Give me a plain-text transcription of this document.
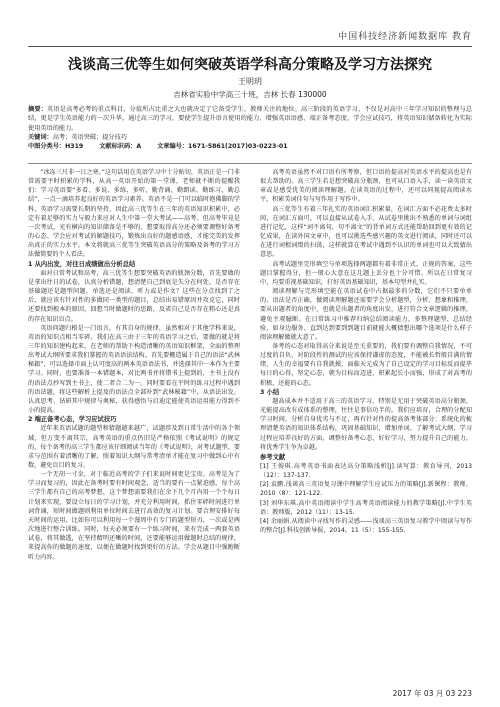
中国科技经济新闻数据库 教育
浅谈高三优等生如何突破英语学科高分策略及学习方法探究
王明玥
吉林省实验中学高三十班，吉林 长春 130000
摘要：英语是高考必考的重点科目，分值所占比重之大也就决定了它备受学生、教师关注的地位。高三阶段的英语学习，不仅是对高中三年学习知识的整理与总结，更是学生英语能力的一次升华。通过高三的学习，要使学生提升语言使用的能力、增强英语语感、端正备考态度、学会应试技巧，将英语知识储备转化为实际使用英语的能力。
关键词：高考；英语突破；提分技巧
中图分类号：H319	文献标识码：A	文章编号：1671-5861(2017)03-0223-01

“冰冻三尺非一日之寒。”这句话用在英语学习中十分贴切，英语正是一门非常需要平时积累的学科，从高一英语开始的第一堂课，老师就不断的提醒我们：学习英语要“多看、多说、多练、多听，勤背诵、勤朗读、勤练习、勤总结”，一点一滴培养起良好的英语学习素养。英语不是一门可以临时抱佛脚的学科，英语学习需要长期的坚持，因此高三优等生在三年的英语知识积累中，必定有着足够的实力与毅力来应对人生中第一堂大考试——高考。但高考毕竟是一次考试，光有横向的知识储备是不够的，想要取得高分还必须要调整好备考的心态、学会应对考试的解题技巧，锻炼出良好的题感语感，才能完美的发挥出真正的实力水平。本文将就高三优等生突破英语高分的策略及备考的学习方法做简要的个人看法。

1 从内出发，对往日成绩做出分析总结

面对日常考试和高考，高三优等生想要突破英语的瓶颈分数，首先要做的是拿出往日的试卷，认真分析错题，想清楚自己到底是失分在何处，是否存在基础题还是题型问题，单选还是阅读、听力或是作文？这些在分点找到了之后，就应该有针对性的多做同一类型的题目，总结出易错原因并攻克它，同时还要找到根本的原因，回想当时做题时的思路，反省自己是否存在粗心还是真的存在知识盲点。

英语问题归根是一门语言，有其自身的规律，虽然相对于其他学科来说，英语的知识点相当零碎，我们在高三由于三年的英语学习之后，要做的就是将三年的知识建构起来，在老师的帮助下构造清晰的英语知识框架，全面的整理出考试大纲所要求我们掌握的英语语法结构。首先要概造属于自己的语法“武林秘籍”，可以选择市面上认可度高的两本英语语法书，并选择其中一本作为主要学习。同时，也要准备一本错题本，对比两书并将错书上提到的，主书上没有的语法点抄写到主书上，使二者合二为一。同时要看在平时的练习过程中遇到的语法题，将这些解析上提及的语法点全部补到“武林秘籍”中，从语法出发，认真思考、钻研其中规律与奥秘，获得感悟与启迪定能使英语运用能力得到不小的提高。

2 端正备考心态，学习应试技巧

近年来英语试题的题型和猜题越来越广，试题涉及到日常生活中的各个领域，但万变不离其宗，高考英语的重点仍旧是严格依照《考试说明》的规定的，每个备考的高三学生都应该仔细阅读当年的《考试说明》，对考试题型、要求与范围有着清晰的了解，照着知识大纲与常考清单才能在复习中做到心中有数，避免盲目的复习。

一个无胡一寸金，对于临近高考的学子们来说时间更是宝贵。高考是为了学习而复习的，因此在备考时要有时间观念，适当的要有一点紧迫感，每个高三学生都有自己的高考梦想，这个梦想需要我们在余下几个月内用一个个每日计划来实现，要设立每日的学习计划，并充分利用时间，抓住零碎时间进行单词背诵，短时间做题则利用单位时间去进行高效的复习计划。要合理安排好每天时间的运用，比如你可以利用每一个漫周中有专门的题型短刃，一次或是两次地进行整合训练。同时，每天必须要有一个练习时间，来有完成一两套英语试卷，将其做透，在坚持精明还晰的时间，还要能够运用做题时总结的规律，来提高你的做题的速度，以便在做题时找到更好的方法。学会从题目中强跑断听力内容。

高考英语虽然不对口语有所考察，但口语的提高对英语水平的提高也是有很大帮助的。高三学生若是想突破高分瓶颈，也可从口语入手，读一读英语文章或是感受优美的阅读理解题。在读英语的过程中，还可以同视提高阅读水平，积累美词佳句与写作用于写作中。

高三优等生有着三年扎实的英语词汇积累量，在词汇方面不必花费太多时间，在词汇方面可，可以直接从试卷入手，从试卷里挑出不熟悉的单词与词组进行记忆，这样“词不离句，句不离文”的背单词方式还能帮助回到更有效的记忆成果，在读外国文章中，也可以挑选些感兴趣的英文进行阅读，同时还可以在进行词根词缀的扫荡，这样就算在考试中遇到不认识的单词也可以大致猜出意思。

高考试题里完形填空与单项选择两题都有着非常正式、正规的答案，这些题目掌握得分，但一般心大意在这几题上丢分也十分可惜。所以在日常复习中，均要重视基础知识，打好英语基础知识，基本句型并扎实。

阅读理解与完形填空能在英语试卷中占据最多的分数，它们不只要单单的、语法是否正确，做阅读理解题还需要学会分析题型，分析、想象和推理，要从出题者的角度中，也就是出题者的角度出发，进行符合文章逻辑的推理，避免主观臆断。在日常练习中推荐归纳总结阅读能力，多整理题型、总结经验，如身边服务、直到达到要到到题目前就能大概猜想出哪个选项是什么样子阅读理解做就大意了。

备考的心态对取得高分来说是至关重要的，我们要有调整自我情况，不可过度的自负，对阶段性的测试的应该保持谦虚的态度，不能被长哲般自满的情绪，人生的幸福要有自我就摸，面临天元成为了自己设定的学习目标反而提毕每日的心得，坚定心态，朝为目标而迈进，积累起长小而强，形成了对高考的积极、还能的心态。

3 小结

题高成本并不适用于高三的英语学习，特别是无用于突破英语高分瓶颈，光能提高改有成体系的整理，往往是事倍功半的。我们应培育，合理的分配知学习时间，分析自身优劣与不足，再有针对性的提高备考体部分：系统化的梳理清楚英语的知识体系结构，巩固基础知识，增加单词、了解考试大纲，学习过程应培养良好的方面，调整好备考心态，好好学习，努力提升自己的能力，将优秀学生争为卓越。

参考文献

[1] 王俊琪.高考英语书面表达高分策略浅析[J].读写算：教育导刊，2013（12）：137-137.

[2] 袁鹏.浅谈高三英语复习课中理解学生应试压力的策略[J].新课程：教师，2010（8）：121-122.

[3] 刘华东琪.高中英语阅读中学生高考英语阅读能力的教学策略[J].中学生英语：教师版，2012（11）：13-15.

[4] 余丽娟.从阅读中寻找写作的灵感——浅谈高三英语复习教学中阅读与写作的整合[J].科技创新导报，2014，11（5）：155-155.

2017 年 03 月 03 223
